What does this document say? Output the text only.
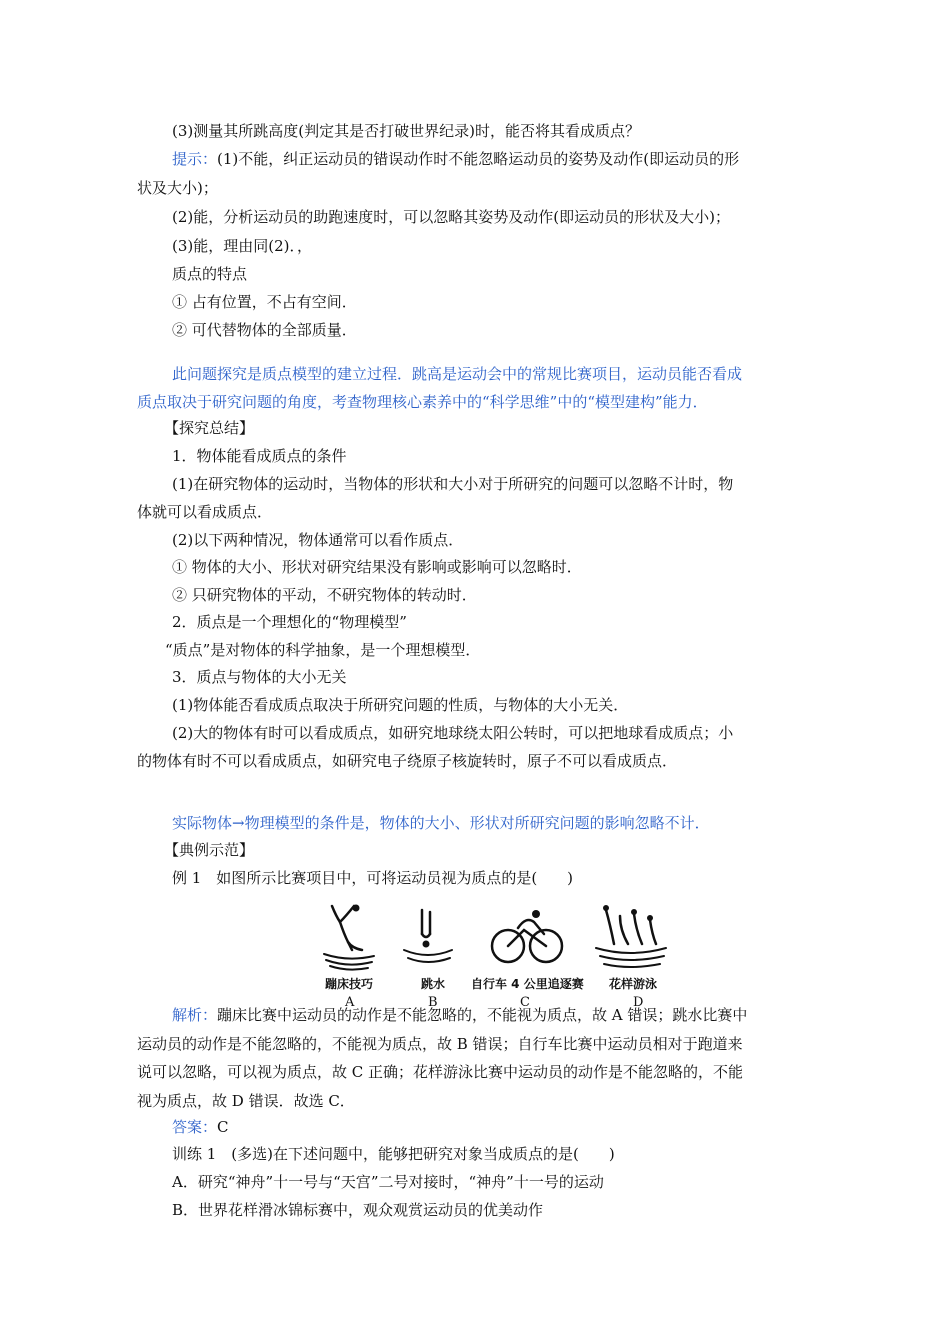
(3)测量其所跳高度(判定其是否打破世界纪录)时，能否将其看成质点？
提示：(1)不能，纠正运动员的错误动作时不能忽略运动员的姿势及动作(即运动员的形
状及大小)；
(2)能，分析运动员的助跑速度时，可以忽略其姿势及动作(即运动员的形状及大小)；
(3)能，理由同(2)．，
质点的特点
① 占有位置，不占有空间．
② 可代替物体的全部质量．
此问题探究是质点模型的建立过程．跳高是运动会中的常规比赛项目，运动员能否看成
质点取决于研究问题的角度，考查物理核心素养中的“科学思维”中的“模型建构”能力．
【探究总结】
1．物体能看成质点的条件
(1)在研究物体的运动时，当物体的形状和大小对于所研究的问题可以忽略不计时，物
体就可以看成质点．
(2)以下两种情况，物体通常可以看作质点．
① 物体的大小、形状对研究结果没有影响或影响可以忽略时．
② 只研究物体的平动，不研究物体的转动时．
2．质点是一个理想化的“物理模型”
“质点”是对物体的科学抽象，是一个理想模型．
3．质点与物体的大小无关
(1)物体能否看成质点取决于所研究问题的性质，与物体的大小无关．
(2)大的物体有时可以看成质点，如研究地球绕太阳公转时，可以把地球看成质点；小
的物体有时不可以看成质点，如研究电子绕原子核旋转时，原子不可以看成质点．
实际物体→物理模型的条件是，物体的大小、形状对所研究问题的影响忽略不计．
【典例示范】
例 1　如图所示比赛项目中，可将运动员视为质点的是(　　)
蹦床技巧	跳水 自行车 4 公里追逐赛 花样游泳
A	B	C	D
解析：蹦床比赛中运动员的动作是不能忽略的，不能视为质点，故 A 错误；跳水比赛中
运动员的动作是不能忽略的，不能视为质点，故 B 错误；自行车比赛中运动员相对于跑道来
说可以忽略，可以视为质点，故 C 正确；花样游泳比赛中运动员的动作是不能忽略的，不能
视为质点，故 D 错误．故选 C．
答案：C
训练 1　(多选)在下述问题中，能够把研究对象当成质点的是(　　)
A．研究“神舟”十一号与“天宫”二号对接时，“神舟”十一号的运动
B．世界花样滑冰锦标赛中，观众观赏运动员的优美动作
